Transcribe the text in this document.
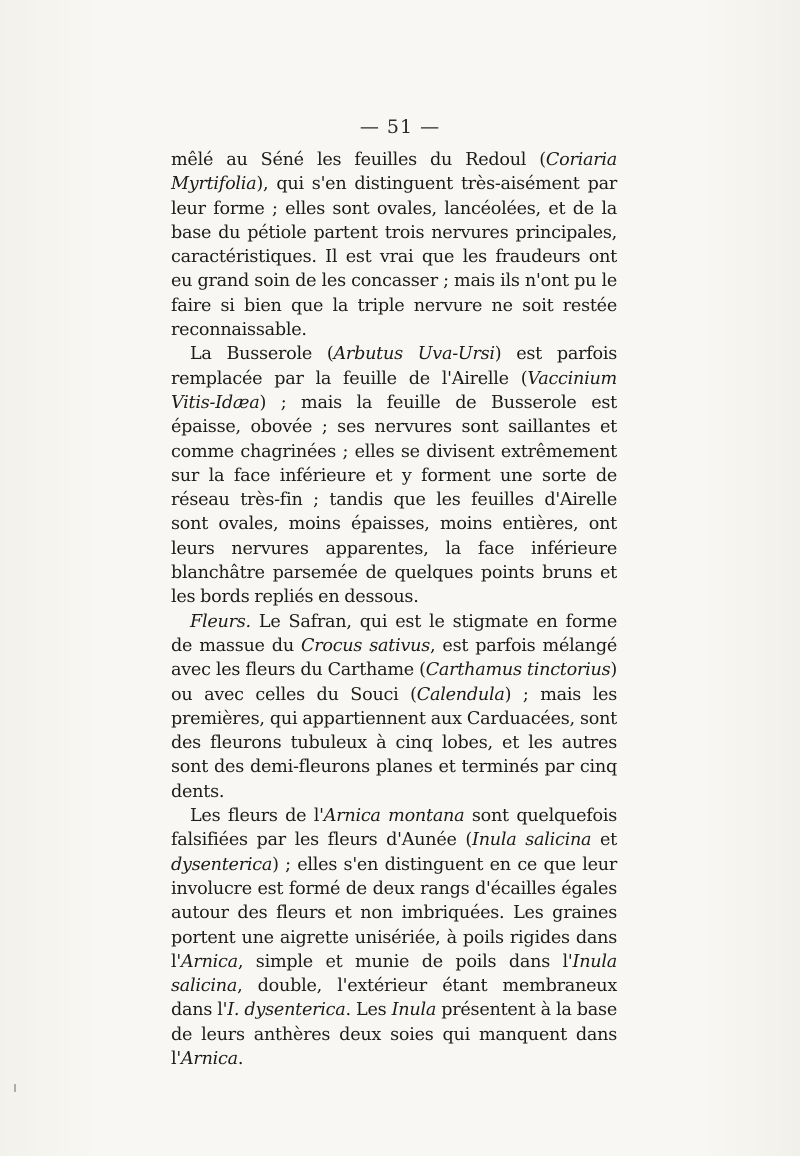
— 51 —

mêlé au Séné les feuilles du Redoul (Coriaria Myrtifolia), qui s'en distinguent très-aisément par leur forme ; elles sont ovales, lancéolées, et de la base du pétiole partent trois nervures principales, caractéristiques. Il est vrai que les fraudeurs ont eu grand soin de les concasser ; mais ils n'ont pu le faire si bien que la triple nervure ne soit restée reconnaissable.

La Busserole (Arbutus Uva-Ursi) est parfois remplacée par la feuille de l'Airelle (Vaccinium Vitis-Idæa) ; mais la feuille de Busserole est épaisse, obovée ; ses nervures sont saillantes et comme chagrinées ; elles se divisent extrêmement sur la face inférieure et y forment une sorte de réseau très-fin ; tandis que les feuilles d'Airelle sont ovales, moins épaisses, moins entières, ont leurs nervures apparentes, la face inférieure blanchâtre parsemée de quelques points bruns et les bords repliés en dessous.

Fleurs. Le Safran, qui est le stigmate en forme de massue du Crocus sativus, est parfois mélangé avec les fleurs du Carthame (Carthamus tinctorius) ou avec celles du Souci (Calendula) ; mais les premières, qui appartiennent aux Carduacées, sont des fleurons tubuleux à cinq lobes, et les autres sont des demi-fleurons planes et terminés par cinq dents.

Les fleurs de l'Arnica montana sont quelquefois falsifiées par les fleurs d'Aunée (Inula salicina et dysenterica) ; elles s'en distinguent en ce que leur involucre est formé de deux rangs d'écailles égales autour des fleurs et non imbriquées. Les graines portent une aigrette unisériée, à poils rigides dans l'Arnica, simple et munie de poils dans l'Inula salicina, double, l'extérieur étant membraneux dans l'I. dysenterica. Les Inula présentent à la base de leurs anthères deux soies qui manquent dans l'Arnica.
